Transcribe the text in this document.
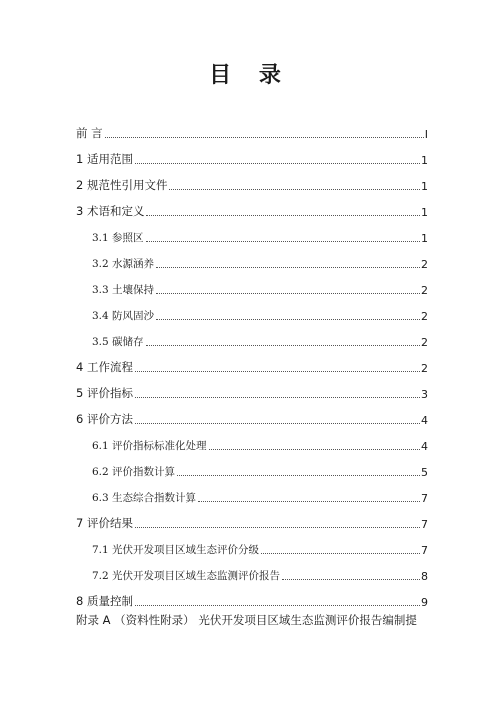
目 录
前 言	I
1 适用范围	1
2 规范性引用文件	1
3 术语和定义	1
3.1 参照区	1
3.2 水源涵养	2
3.3 土壤保持	2
3.4 防风固沙	2
3.5 碳储存	2
4 工作流程	2
5 评价指标	3
6 评价方法	4
6.1 评价指标标准化处理	4
6.2 评价指数计算	5
6.3 生态综合指数计算	7
7 评价结果	7
7.1 光伏开发项目区域生态评价分级	7
7.2 光伏开发项目区域生态监测评价报告	8
8 质量控制	9
附录 A （资料性附录） 光伏开发项目区域生态监测评价报告编制提
